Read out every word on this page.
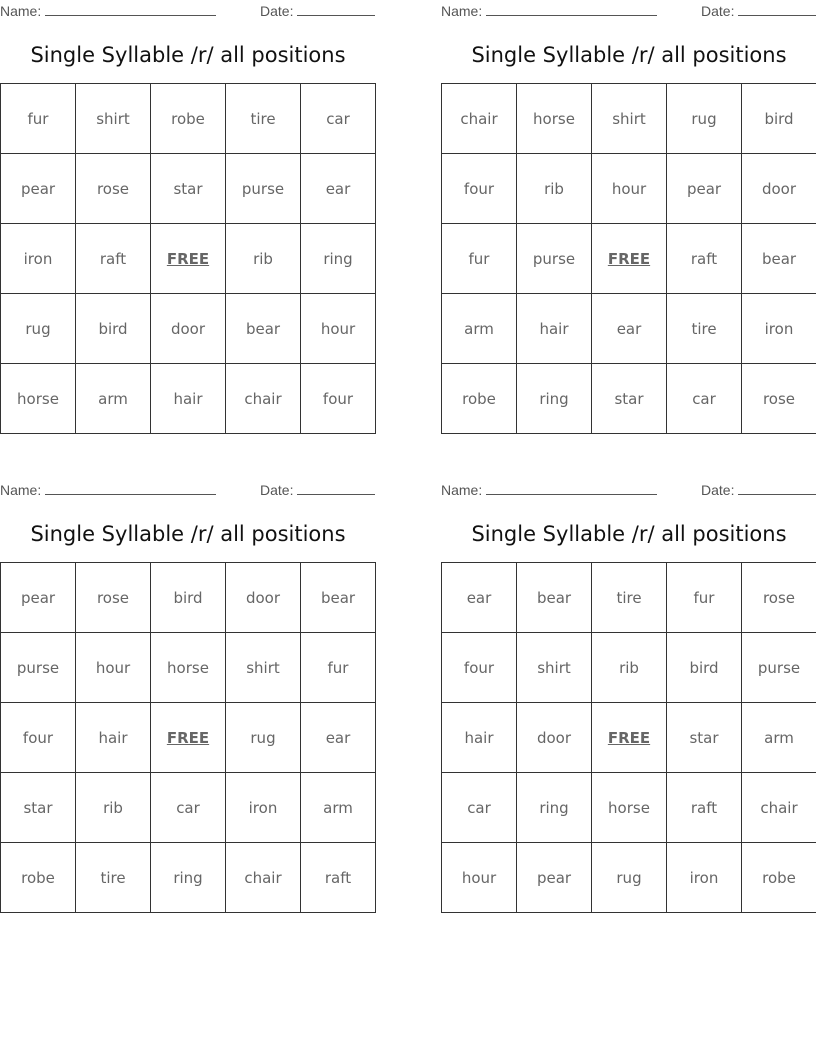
Name:	Date:
Single Syllable /r/ all positions
fur	shirt	robe	tire	car
pear	rose	star	purse	ear
iron	raft	FREE	rib	ring
rug	bird	door	bear	hour
horse	arm	hair	chair	four
Name:	Date:
Single Syllable /r/ all positions
chair	horse	shirt	rug	bird
four	rib	hour	pear	door
fur	purse	FREE	raft	bear
arm	hair	ear	tire	iron
robe	ring	star	car	rose
Name:	Date:
Single Syllable /r/ all positions
pear	rose	bird	door	bear
purse	hour	horse	shirt	fur
four	hair	FREE	rug	ear
star	rib	car	iron	arm
robe	tire	ring	chair	raft
Name:	Date:
Single Syllable /r/ all positions
ear	bear	tire	fur	rose
four	shirt	rib	bird	purse
hair	door	FREE	star	arm
car	ring	horse	raft	chair
hour	pear	rug	iron	robe
